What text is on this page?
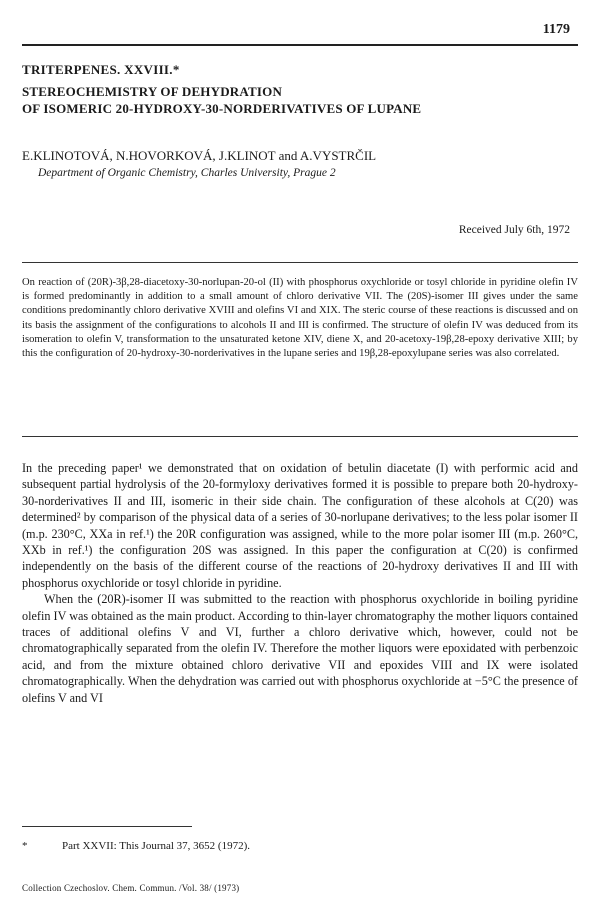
1179
TRITERPENES. XXVIII.*
STEREOCHEMISTRY OF DEHYDRATION
OF ISOMERIC 20-HYDROXY-30-NORDERIVATIVES OF LUPANE
E.KLINOTOVÁ, N.HOVORKOVÁ, J.KLINOT and A.VYSTRČIL
Department of Organic Chemistry, Charles University, Prague 2
Received July 6th, 1972

On reaction of (20R)-3β,28-diacetoxy-30-norlupan-20-ol (II) with phosphorus oxychloride or tosyl chloride in pyridine olefin IV is formed predominantly in addition to a small amount of chloro derivative VII. The (20S)-isomer III gives under the same conditions predominantly chloro derivative XVIII and olefins VI and XIX. The steric course of these reactions is discussed and on its basis the assignment of the configurations to alcohols II and III is confirmed. The structure of olefin IV was deduced from its isomeration to olefin V, transformation to the unsaturated ketone XIV, diene X, and 20-acetoxy-19β,28-epoxy derivative XIII; by this the configuration of 20-hydroxy-30-norderivatives in the lupane series and 19β,28-epoxylupane series was also correlated.

In the preceding paper¹ we demonstrated that on oxidation of betulin diacetate (I) with performic acid and subsequent partial hydrolysis of the 20-formyloxy derivatives formed it is possible to prepare both 20-hydroxy-30-norderivatives II and III, isomeric in their side chain. The configuration of these alcohols at C(20) was determined² by comparison of the physical data of a series of 30-norlupane derivatives; to the less polar isomer II (m.p. 230°C, XXa in ref.¹) the 20R configuration was assigned, while to the more polar isomer III (m.p. 260°C, XXb in ref.¹) the configuration 20S was assigned. In this paper the configuration at C(20) is confirmed independently on the basis of the different course of the reactions of 20-hydroxy derivatives II and III with phosphorus oxychloride or tosyl chloride in pyridine.

When the (20R)-isomer II was submitted to the reaction with phosphorus oxychloride in boiling pyridine olefin IV was obtained as the main product. According to thin-layer chromatography the mother liquors contained traces of additional olefins V and VI, further a chloro derivative which, however, could not be chromatographically separated from the olefin IV. Therefore the mother liquors were epoxidated with perbenzoic acid, and from the mixture obtained chloro derivative VII and epoxides VIII and IX were isolated chromatographically. When the dehydration was carried out with phosphorus oxychloride at −5°C the presence of olefins V and VI

*	Part XXVII: This Journal 37, 3652 (1972).
Collection Czechoslov. Chem. Commun. /Vol. 38/ (1973)
